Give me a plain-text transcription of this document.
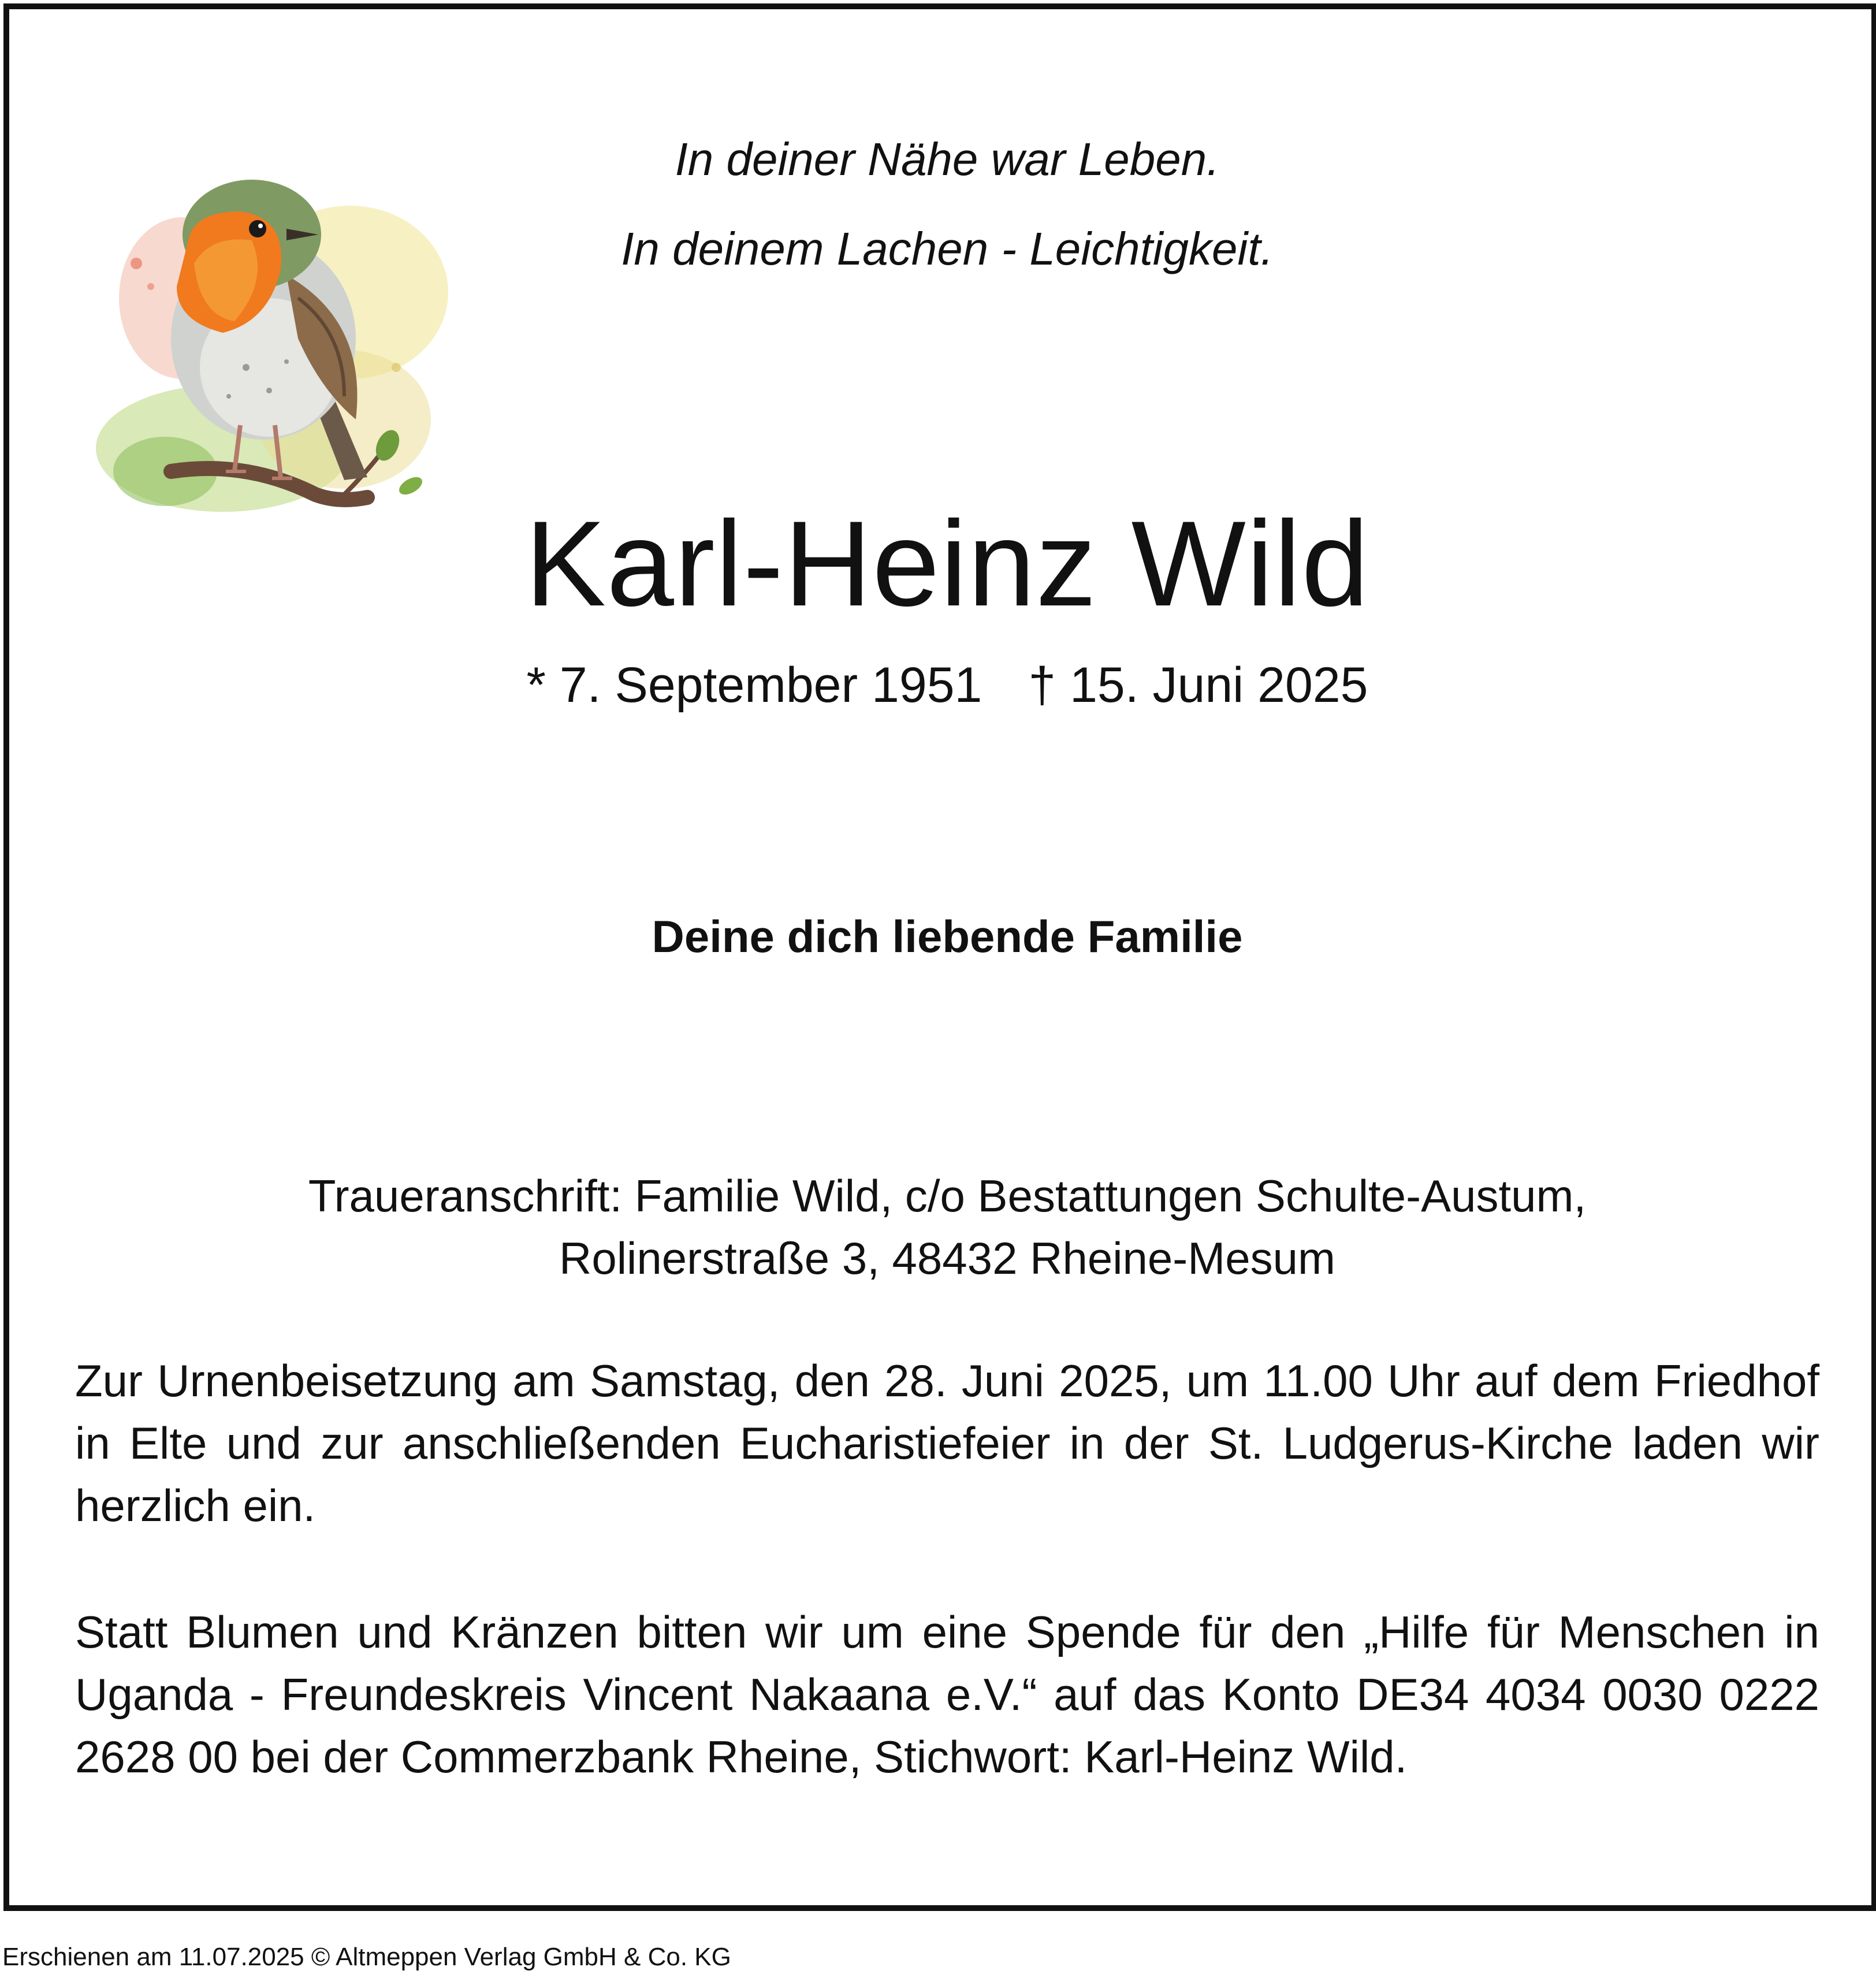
In deiner Nähe war Leben.
In deinem Lachen - Leichtigkeit.
Karl-Heinz Wild
* 7. September 1951 † 15. Juni 2025
Deine dich liebende Familie
Traueranschrift: Familie Wild, c/o Bestattungen Schulte-Austum,
Rolinerstraße 3, 48432 Rheine-Mesum
Zur Urnenbeisetzung am Samstag, den 28. Juni 2025, um 11.00 Uhr auf dem Friedhof in Elte und zur anschließenden Eucharistiefeier in der St. Ludgerus-Kirche laden wir herzlich ein.
Statt Blumen und Kränzen bitten wir um eine Spende für den „Hilfe für Menschen in Uganda - Freundeskreis Vincent Nakaana e.V.“ auf das Konto DE34 4034 0030 0222 2628 00 bei der Commerzbank Rheine, Stichwort: Karl-Heinz Wild.
Erschienen am 11.07.2025 © Altmeppen Verlag GmbH & Co. KG
